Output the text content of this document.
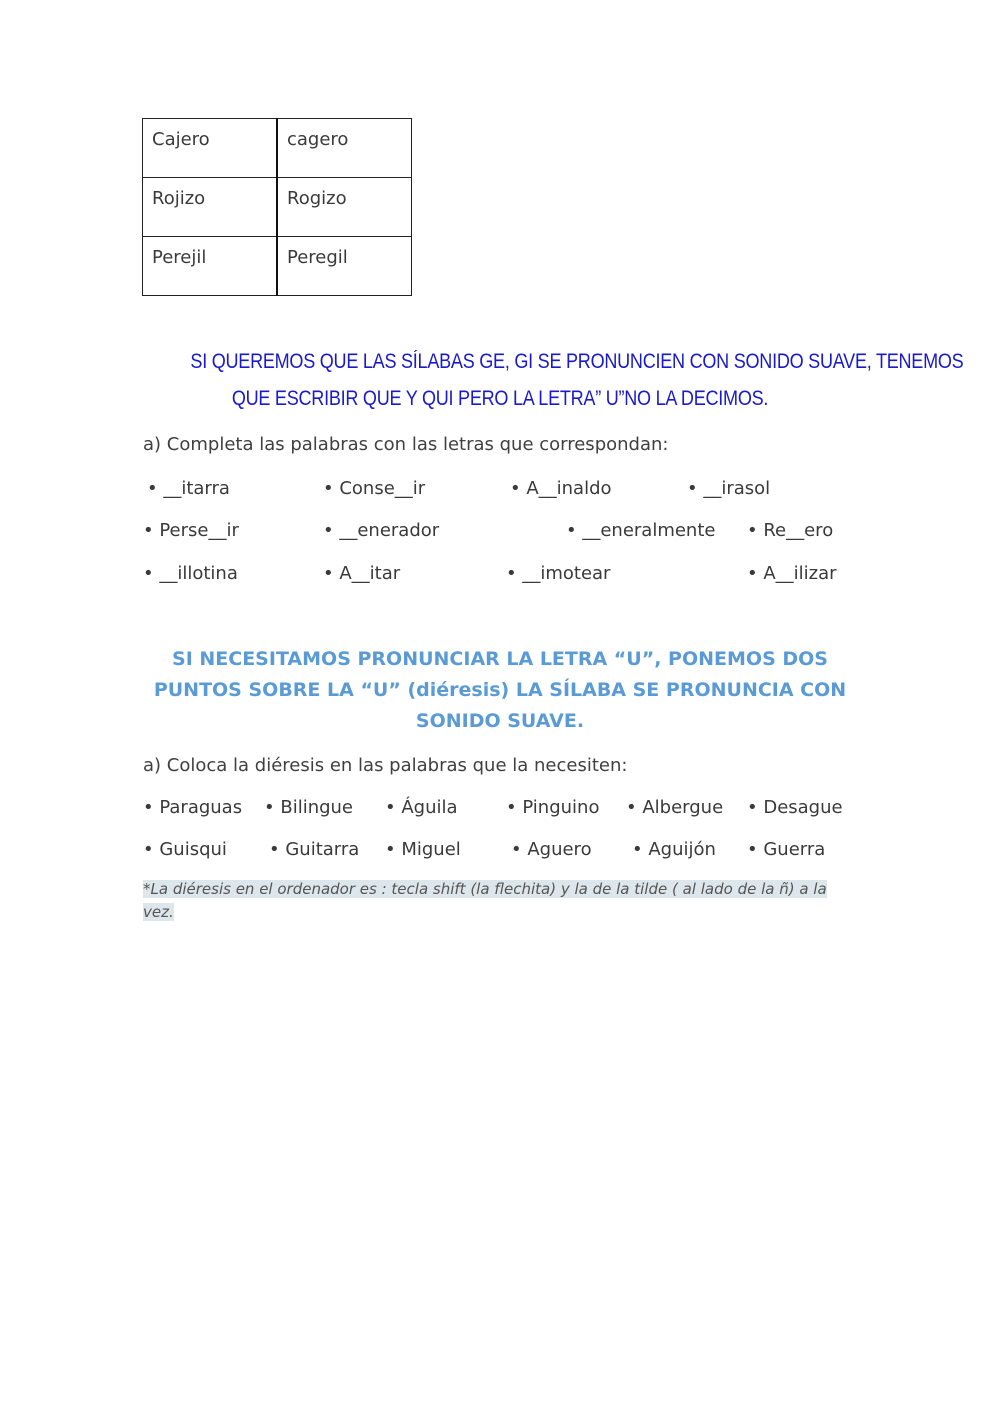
Cajero	cagero
Rojizo	Rogizo
Perejil	Peregil
SI QUEREMOS QUE LAS SÍLABAS GE, GI SE PRONUNCIEN CON SONIDO SUAVE, TENEMOS
QUE ESCRIBIR QUE Y QUI PERO LA LETRA” U”NO LA DECIMOS.
a) Completa las palabras con las letras que correspondan:
• __itarra	• Conse__ir	• A__inaldo	• __irasol
• Perse__ir	• __enerador	• __eneralmente • Re__ero
• __illotina	• A__itar	• __imotear	• A__ilizar
SI NECESITAMOS PRONUNCIAR LA LETRA “U”, PONEMOS DOS
PUNTOS SOBRE LA “U” (diéresis) LA SÍLABA SE PRONUNCIA CON
SONIDO SUAVE.
a) Coloca la diéresis en las palabras que la necesiten:
• Paraguas • Bilingue • Águila	• Pinguino • Albergue • Desague
• Guisqui • Guitarra • Miguel	• Aguero • Aguijón • Guerra
*La diéresis en el ordenador es : tecla shift (la flechita) y la de la tilde ( al lado de la ñ) a la
vez.
